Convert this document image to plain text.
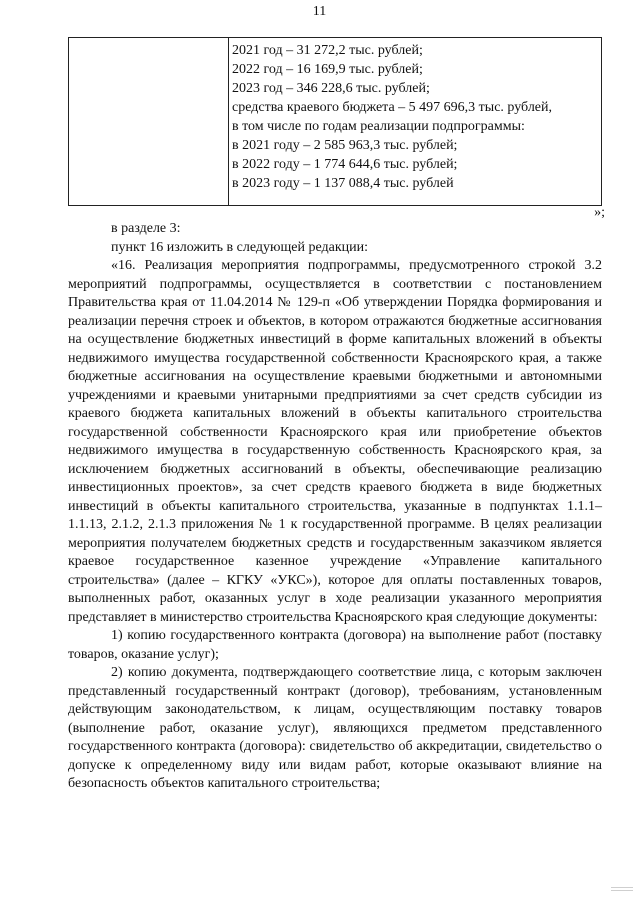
11

2021 год – 31 272,2 тыс. рублей;
2022 год – 16 169,9 тыс. рублей;
2023 год – 346 228,6 тыс. рублей;
средства краевого бюджета – 5 497 696,3 тыс. рублей,
в том числе по годам реализации подпрограммы:
в 2021 году – 2 585 963,3 тыс. рублей;
в 2022 году – 1 774 644,6 тыс. рублей;
в 2023 году – 1 137 088,4 тыс. рублей
»;

в разделе 3:

пункт 16 изложить в следующей редакции:

«16. Реализация мероприятия подпрограммы, предусмотренного строкой 3.2 мероприятий подпрограммы, осуществляется в соответствии с постановлением Правительства края от 11.04.2014 № 129-п «Об утверждении Порядка формирования и реализации перечня строек и объектов, в котором отражаются бюджетные ассигнования на осуществление бюджетных инвестиций в форме капитальных вложений в объекты недвижимого имущества государственной собственности Красноярского края, а также бюджетные ассигнования на осуществление краевыми бюджетными и автономными учреждениями и краевыми унитарными предприятиями за счет средств субсидии из краевого бюджета капитальных вложений в объекты капитального строительства государственной собственности Красноярского края или приобретение объектов недвижимого имущества в государственную собственность Красноярского края, за исключением бюджетных ассигнований в объекты, обеспечивающие реализацию инвестиционных проектов», за счет средств краевого бюджета в виде бюджетных инвестиций в объекты капитального строительства, указанные в подпунктах 1.1.1–1.1.13, 2.1.2, 2.1.3 приложения № 1 к государственной программе. В целях реализации мероприятия получателем бюджетных средств и государственным заказчиком является краевое государственное казенное учреждение «Управление капитального строительства» (далее – КГКУ «УКС»), которое для оплаты поставленных товаров, выполненных работ, оказанных услуг в ходе реализации указанного мероприятия представляет в министерство строительства Красноярского края следующие документы:

1) копию государственного контракта (договора) на выполнение работ (поставку товаров, оказание услуг);

2) копию документа, подтверждающего соответствие лица, с которым заключен представленный государственный контракт (договор), требованиям, установленным действующим законодательством, к лицам, осуществляющим поставку товаров (выполнение работ, оказание услуг), являющихся предметом представленного государственного контракта (договора): свидетельство об аккредитации, свидетельство о допуске к определенному виду или видам работ, которые оказывают влияние на безопасность объектов капитального строительства;
